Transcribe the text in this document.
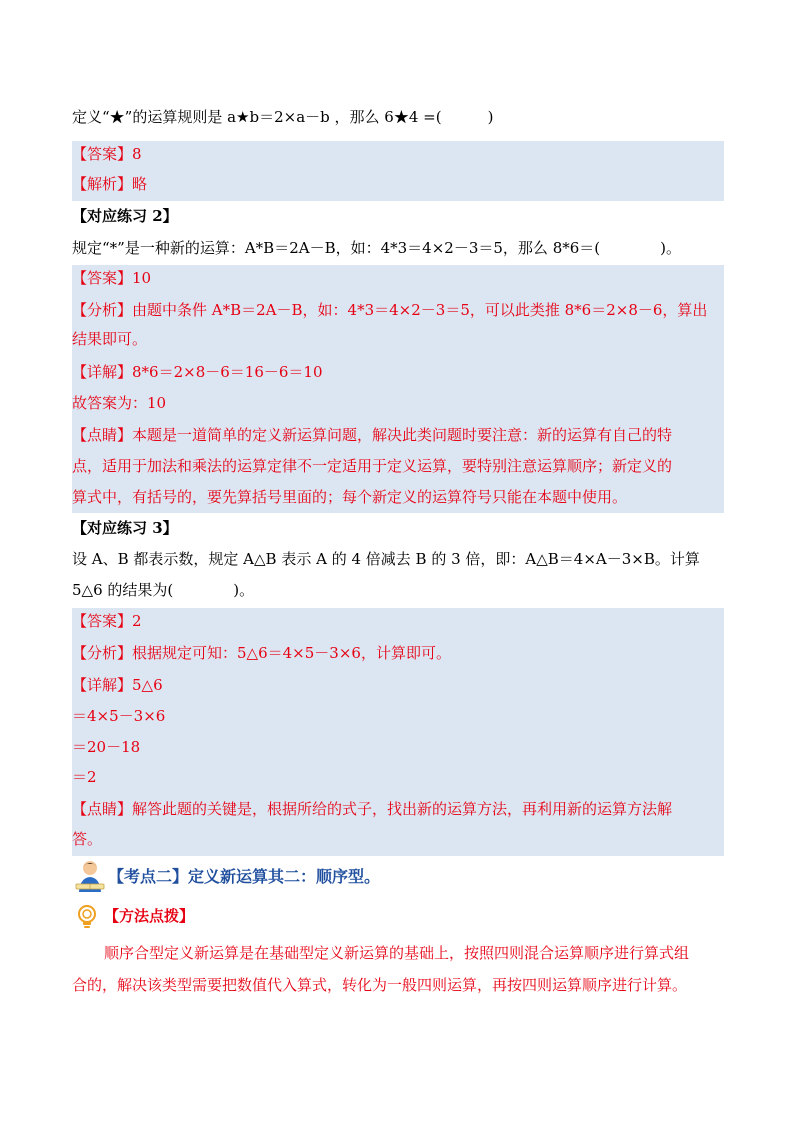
定义“★”的运算规则是 a★b＝2×a－b ，那么 6★4 =(	)
【答案】8
【解析】略
【对应练习 2】
规定“*”是一种新的运算：A*B＝2A－B，如：4*3＝4×2－3＝5，那么 8*6＝(	)。
【答案】10
【分析】由题中条件 A*B＝2A－B，如：4*3＝4×2－3＝5，可以此类推 8*6＝2×8－6，算出
结果即可。
【详解】8*6＝2×8－6＝16－6＝10
故答案为：10
【点睛】本题是一道简单的定义新运算问题，解决此类问题时要注意：新的运算有自己的特
点，适用于加法和乘法的运算定律不一定适用于定义运算，要特别注意运算顺序；新定义的
算式中，有括号的，要先算括号里面的；每个新定义的运算符号只能在本题中使用。
【对应练习 3】
设 A、B 都表示数，规定 A△B 表示 A 的 4 倍减去 B 的 3 倍，即：A△B＝4×A－3×B。计算
5△6 的结果为(	)。
【答案】2
【分析】根据规定可知：5△6＝4×5－3×6，计算即可。
【详解】5△6
＝4×5－3×6
＝20－18
＝2
【点睛】解答此题的关键是，根据所给的式子，找出新的运算方法，再利用新的运算方法解
答。
【考点二】定义新运算其二：顺序型。
【方法点拨】
顺序合型定义新运算是在基础型定义新运算的基础上，按照四则混合运算顺序进行算式组
合的，解决该类型需要把数值代入算式，转化为一般四则运算，再按四则运算顺序进行计算。
